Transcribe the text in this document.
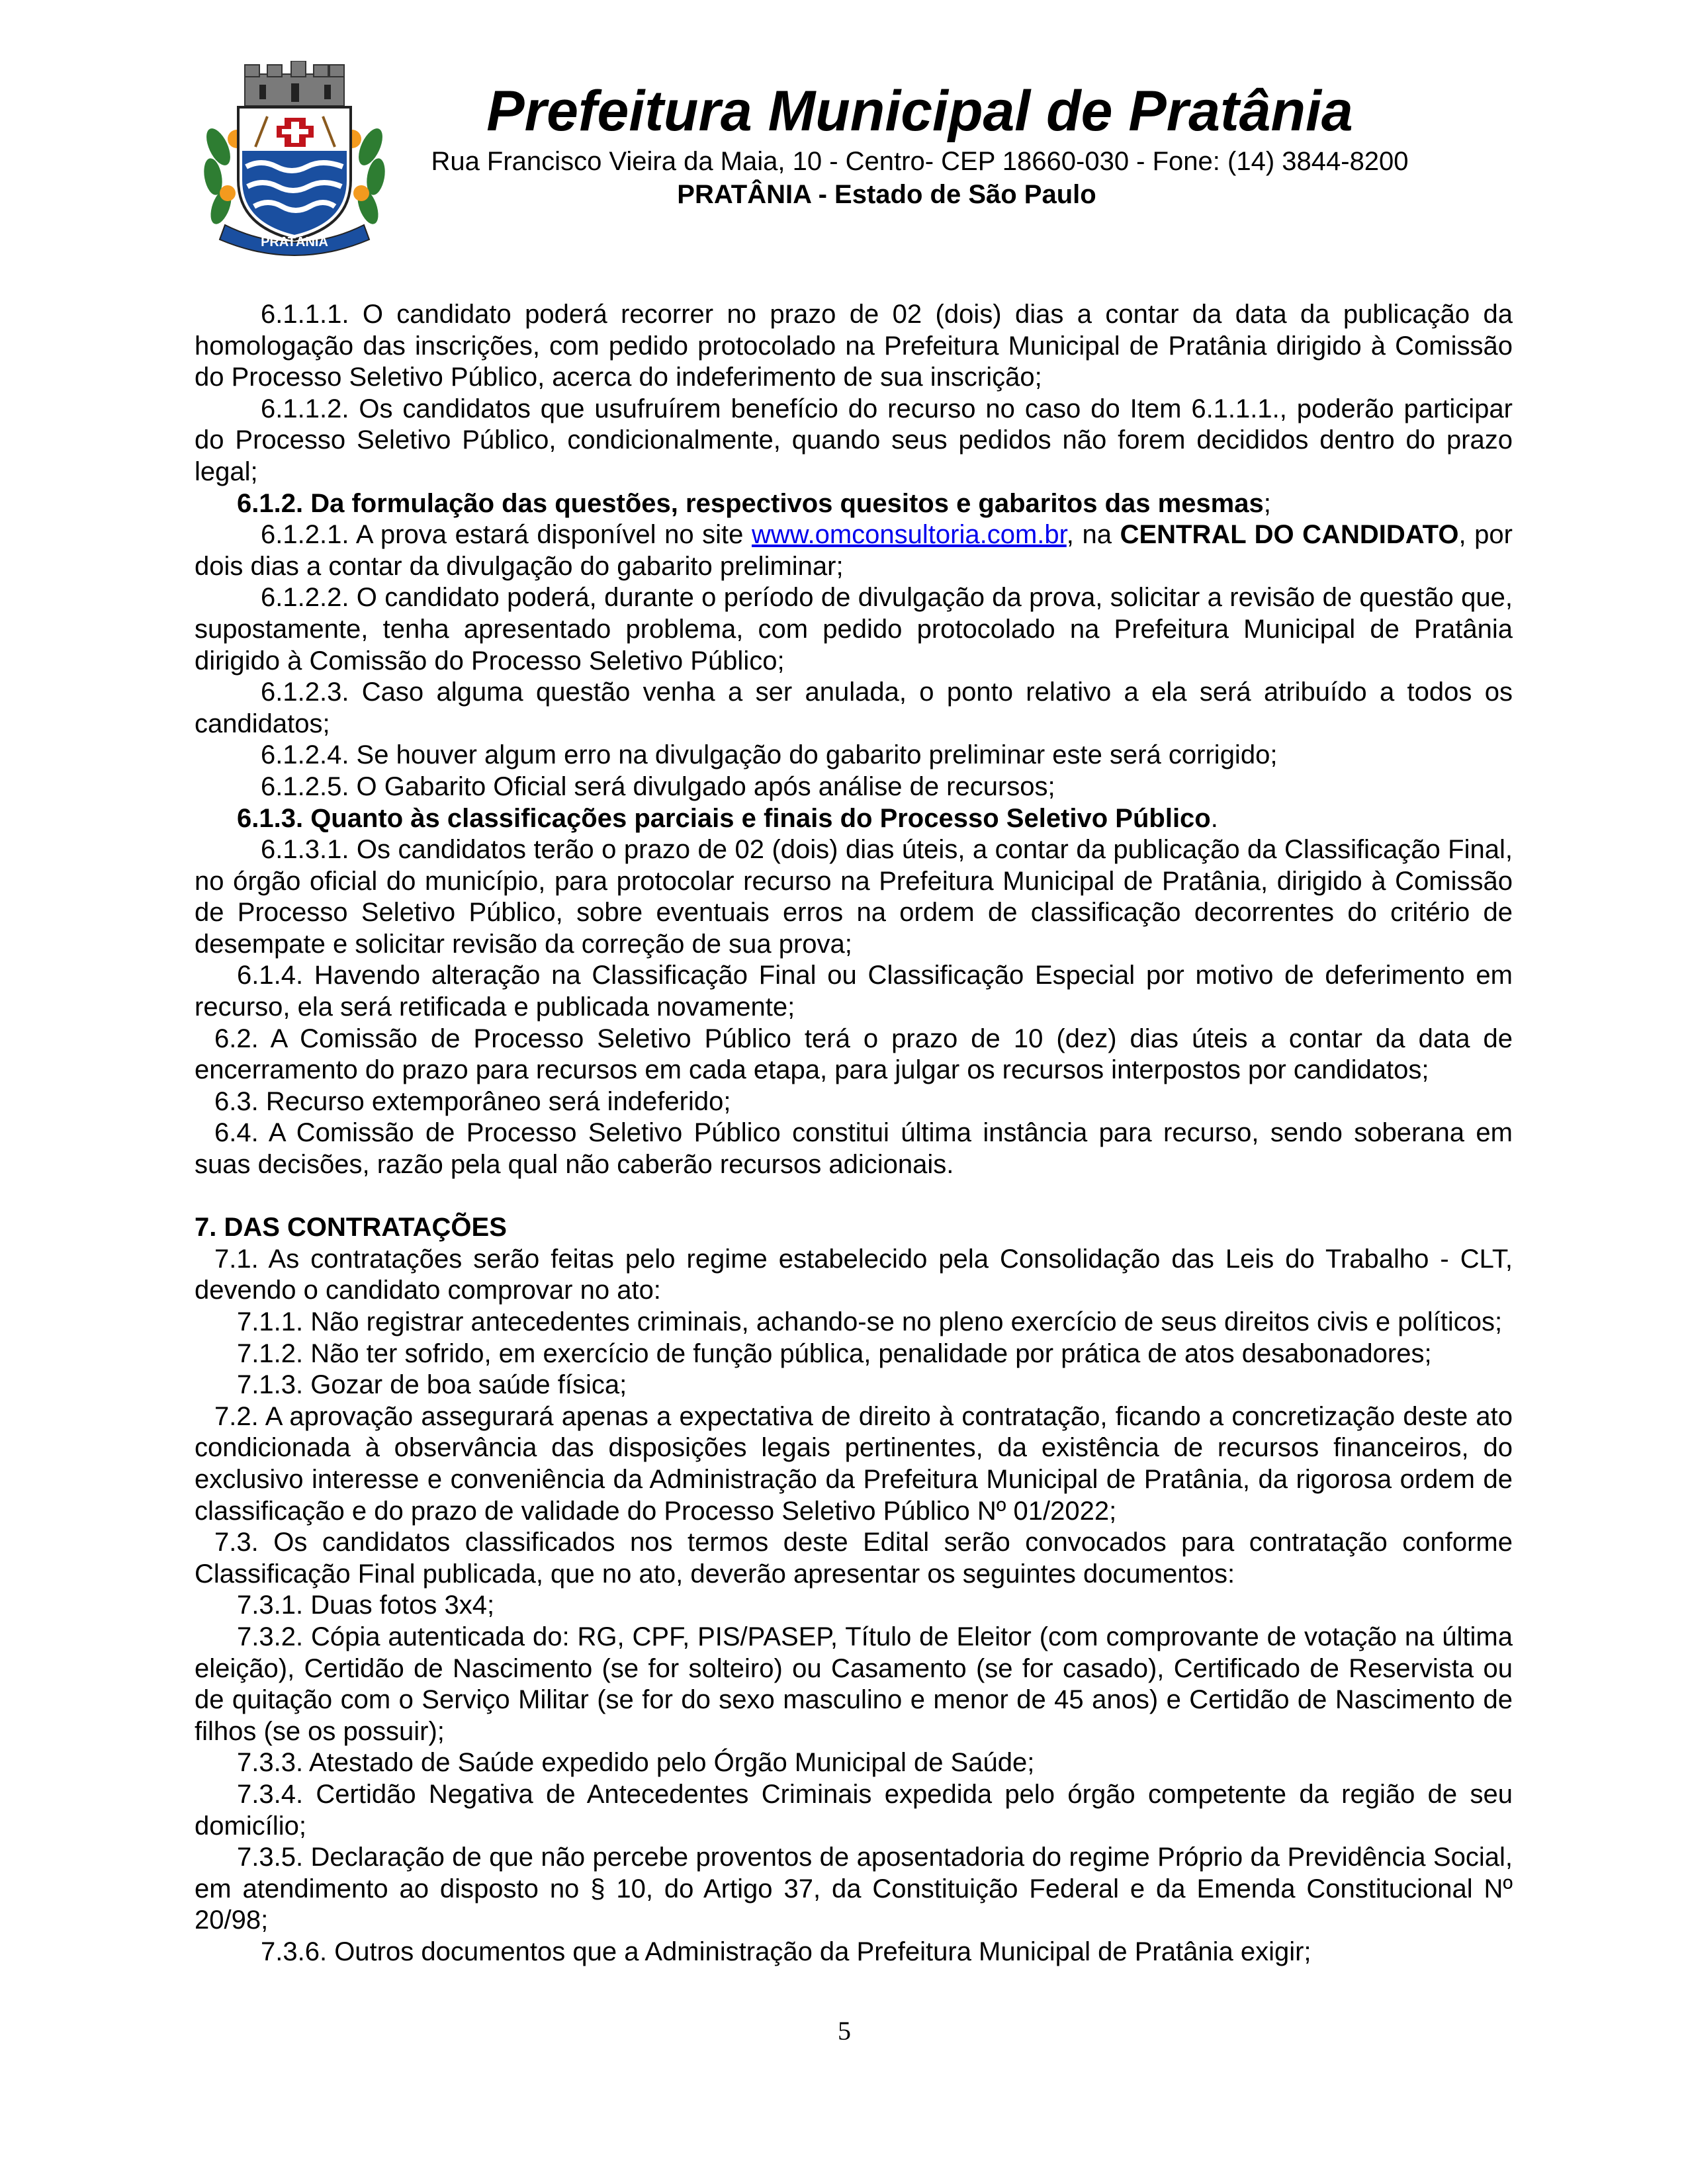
PRATÂNIA
Prefeitura Municipal de Pratânia
Rua Francisco Vieira da Maia, 10 - Centro- CEP 18660-030 - Fone: (14) 3844-8200
PRATÂNIA - Estado de São Paulo

6.1.1.1. O candidato poderá recorrer no prazo de 02 (dois) dias a contar da data da publicação da homologação das inscrições, com pedido protocolado na Prefeitura Municipal de Pratânia dirigido à Comissão do Processo Seletivo Público, acerca do indeferimento de sua inscrição;

6.1.1.2. Os candidatos que usufruírem benefício do recurso no caso do Item 6.1.1.1., poderão participar do Processo Seletivo Público, condicionalmente, quando seus pedidos não forem decididos dentro do prazo legal;

6.1.2. Da formulação das questões, respectivos quesitos e gabaritos das mesmas;

6.1.2.1. A prova estará disponível no site www.omconsultoria.com.br, na CENTRAL DO CANDIDATO, por dois dias a contar da divulgação do gabarito preliminar;

6.1.2.2. O candidato poderá, durante o período de divulgação da prova, solicitar a revisão de questão que, supostamente, tenha apresentado problema, com pedido protocolado na Prefeitura Municipal de Pratânia dirigido à Comissão do Processo Seletivo Público;

6.1.2.3. Caso alguma questão venha a ser anulada, o ponto relativo a ela será atribuído a todos os candidatos;

6.1.2.4. Se houver algum erro na divulgação do gabarito preliminar este será corrigido;

6.1.2.5. O Gabarito Oficial será divulgado após análise de recursos;

6.1.3. Quanto às classificações parciais e finais do Processo Seletivo Público.

6.1.3.1. Os candidatos terão o prazo de 02 (dois) dias úteis, a contar da publicação da Classificação Final, no órgão oficial do município, para protocolar recurso na Prefeitura Municipal de Pratânia, dirigido à Comissão de Processo Seletivo Público, sobre eventuais erros na ordem de classificação decorrentes do critério de desempate e solicitar revisão da correção de sua prova;

6.1.4. Havendo alteração na Classificação Final ou Classificação Especial por motivo de deferimento em recurso, ela será retificada e publicada novamente;

6.2. A Comissão de Processo Seletivo Público terá o prazo de 10 (dez) dias úteis a contar da data de encerramento do prazo para recursos em cada etapa, para julgar os recursos interpostos por candidatos;

6.3. Recurso extemporâneo será indeferido;

6.4. A Comissão de Processo Seletivo Público constitui última instância para recurso, sendo soberana em suas decisões, razão pela qual não caberão recursos adicionais.

7. DAS CONTRATAÇÕES

7.1. As contratações serão feitas pelo regime estabelecido pela Consolidação das Leis do Trabalho - CLT, devendo o candidato comprovar no ato:

7.1.1. Não registrar antecedentes criminais, achando-se no pleno exercício de seus direitos civis e políticos;

7.1.2. Não ter sofrido, em exercício de função pública, penalidade por prática de atos desabonadores;

7.1.3. Gozar de boa saúde física;

7.2. A aprovação assegurará apenas a expectativa de direito à contratação, ficando a concretização deste ato condicionada à observância das disposições legais pertinentes, da existência de recursos financeiros, do exclusivo interesse e conveniência da Administração da Prefeitura Municipal de Pratânia, da rigorosa ordem de classificação e do prazo de validade do Processo Seletivo Público Nº 01/2022;

7.3. Os candidatos classificados nos termos deste Edital serão convocados para contratação conforme Classificação Final publicada, que no ato, deverão apresentar os seguintes documentos:

7.3.1. Duas fotos 3x4;

7.3.2. Cópia autenticada do: RG, CPF, PIS/PASEP, Título de Eleitor (com comprovante de votação na última eleição), Certidão de Nascimento (se for solteiro) ou Casamento (se for casado), Certificado de Reservista ou de quitação com o Serviço Militar (se for do sexo masculino e menor de 45 anos) e Certidão de Nascimento de filhos (se os possuir);

7.3.3. Atestado de Saúde expedido pelo Órgão Municipal de Saúde;

7.3.4. Certidão Negativa de Antecedentes Criminais expedida pelo órgão competente da região de seu domicílio;

7.3.5. Declaração de que não percebe proventos de aposentadoria do regime Próprio da Previdência Social, em atendimento ao disposto no § 10, do Artigo 37, da Constituição Federal e da Emenda Constitucional Nº 20/98;

7.3.6. Outros documentos que a Administração da Prefeitura Municipal de Pratânia exigir;

5
